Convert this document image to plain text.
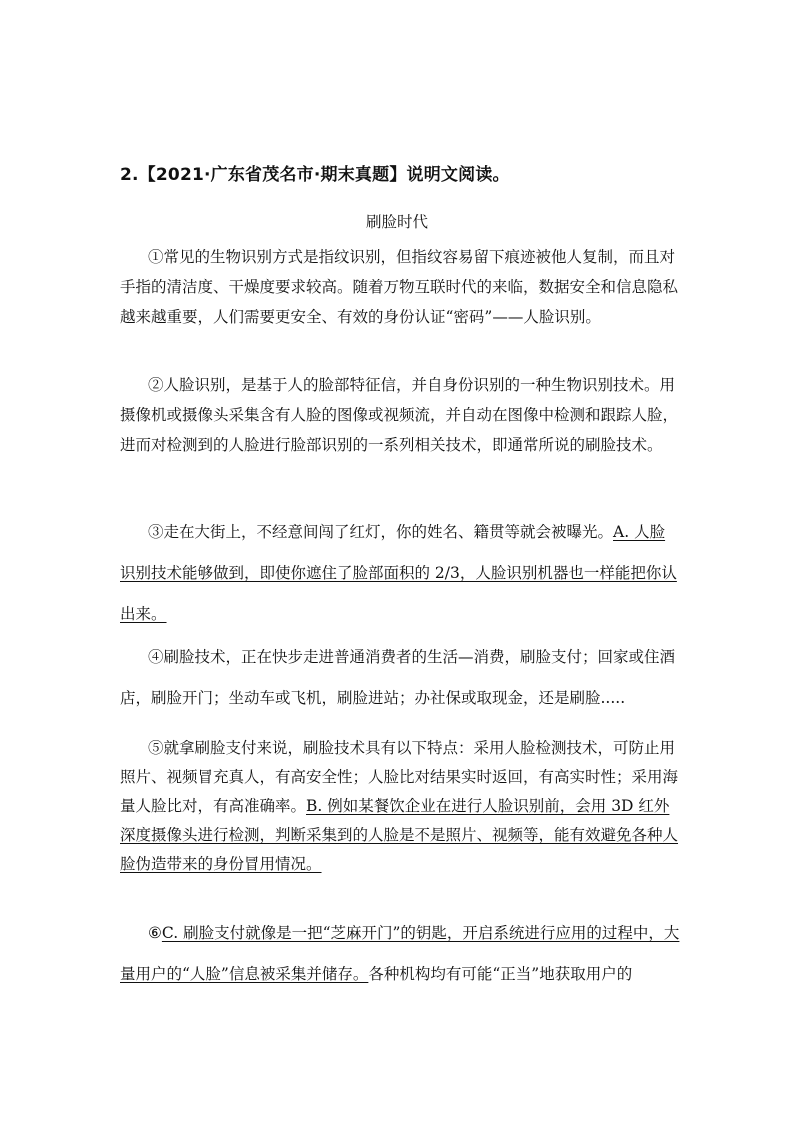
2.【2021·广东省茂名市·期末真题】说明文阅读。
刷脸时代

①常见的生物识别方式是指纹识别，但指纹容易留下痕迹被他人复制，而且对手指的清洁度、干燥度要求较高。随着万物互联时代的来临，数据安全和信息隐私越来越重要，人们需要更安全、有效的身份认证“密码”——人脸识别。

②人脸识别，是基于人的脸部特征信，并自身份识别的一种生物识别技术。用摄像机或摄像头采集含有人脸的图像或视频流，并自动在图像中检测和跟踪人脸，进而对检测到的人脸进行脸部识别的一系列相关技术，即通常所说的刷脸技术。

③走在大街上，不经意间闯了红灯，你的姓名、籍贯等就会被曝光。A. 人脸识别技术能够做到，即使你遮住了脸部面积的 2/3，人脸识别机器也一样能把你认出来。

④刷脸技术，正在快步走进普通消费者的生活—消费，刷脸支付；回家或住酒店，刷脸开门；坐动车或飞机，刷脸进站；办社保或取现金，还是刷脸.....

⑤就拿刷脸支付来说，刷脸技术具有以下特点：采用人脸检测技术，可防止用照片、视频冒充真人，有高安全性；人脸比对结果实时返回，有高实时性；采用海量人脸比对，有高准确率。B. 例如某餐饮企业在进行人脸识别前，会用 3D 红外深度摄像头进行检测，判断采集到的人脸是不是照片、视频等，能有效避免各种人脸伪造带来的身份冒用情况。

⑥C. 刷脸支付就像是一把“芝麻开门”的钥匙，开启系统进行应用的过程中，大量用户的“人脸”信息被采集并储存。各种机构均有可能“正当”地获取用户的
